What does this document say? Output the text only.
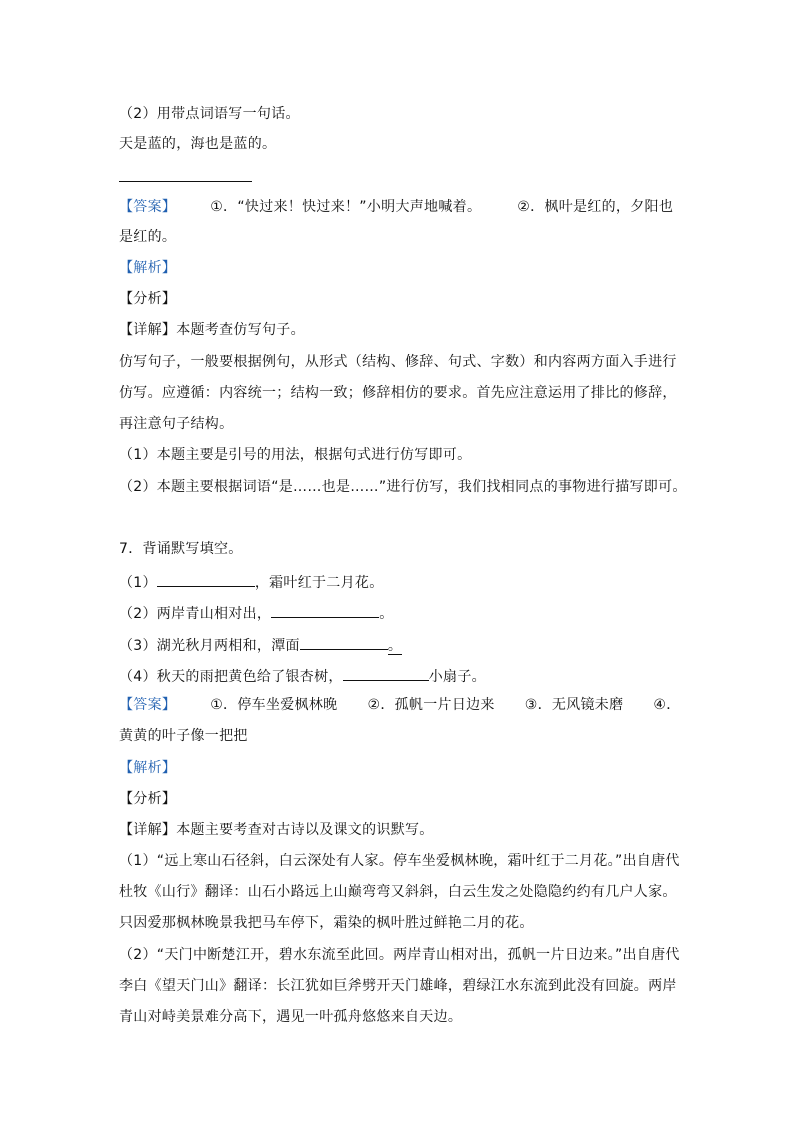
（2）用带点词语写一句话。

天是蓝的，海也是蓝的。

【答案】 ①．“快过来！快过来！”小明大声地喊着。	②．枫叶是红的，夕阳也

是红的。

【解析】

【分析】

【详解】本题考查仿写句子。

仿写句子，一般要根据例句，从形式（结构、修辞、句式、字数）和内容两方面入手进行

仿写。应遵循：内容统一；结构一致；修辞相仿的要求。首先应注意运用了排比的修辞，

再注意句子结构。

（1）本题主要是引号的用法，根据句式进行仿写即可。

（2）本题主要根据词语“是……也是……”进行仿写，我们找相同点的事物进行描写即可。

7．背诵默写填空。

（1）	，霜叶红于二月花。

（2）两岸青山相对出，	。

（3）湖光秋月两相和，潭面	。

（4）秋天的雨把黄色给了银杏树，	小扇子。

【答案】 ①．停车坐爱枫林晚 ②．孤帆一片日边来 ③．无风镜未磨 ④．

黄黄的叶子像一把把

【解析】

【分析】

【详解】本题主要考查对古诗以及课文的识默写。

（1）“远上寒山石径斜，白云深处有人家。停车坐爱枫林晚，霜叶红于二月花。”出自唐代

杜牧《山行》翻译：山石小路远上山巅弯弯又斜斜，白云生发之处隐隐约约有几户人家。

只因爱那枫林晚景我把马车停下，霜染的枫叶胜过鲜艳二月的花。

（2）“天门中断楚江开，碧水东流至此回。两岸青山相对出，孤帆一片日边来。”出自唐代

李白《望天门山》翻译：长江犹如巨斧劈开天门雄峰，碧绿江水东流到此没有回旋。两岸

青山对峙美景难分高下，遇见一叶孤舟悠悠来自天边。
